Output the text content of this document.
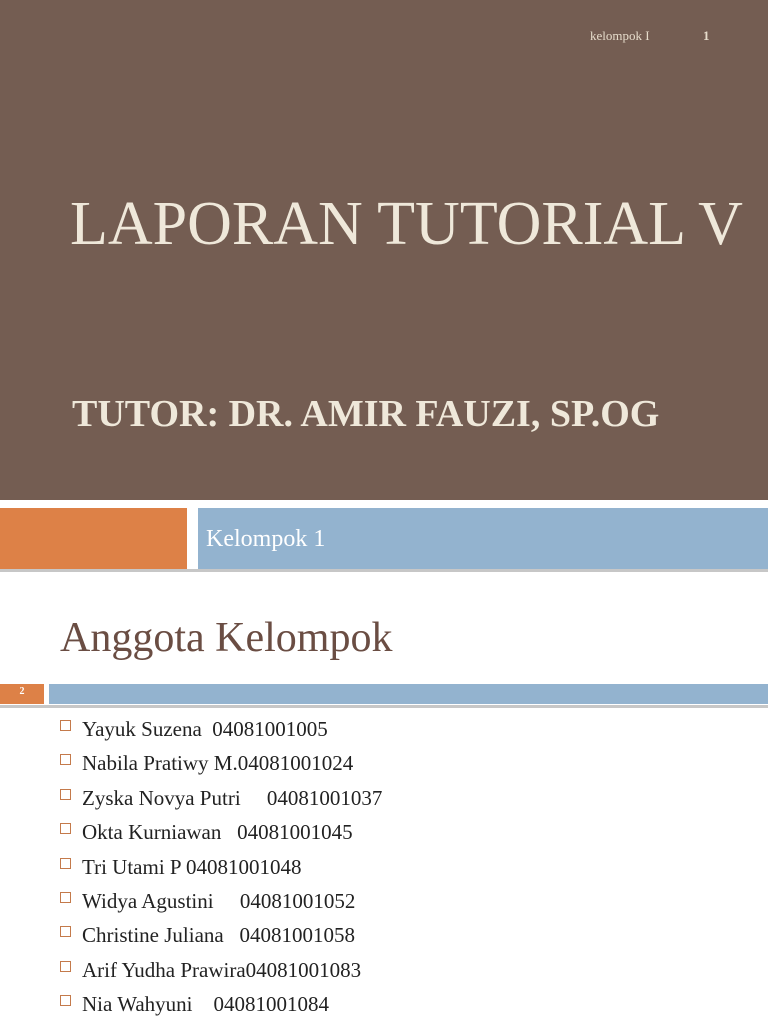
kelompok I	1
LAPORAN TUTORIAL V
TUTOR: DR. AMIR FAUZI, SP.OG
Kelompok 1
Anggota Kelompok
2
Yayuk Suzena  04081001005
Nabila Pratiwy M.04081001024
Zyska Novya Putri     04081001037
Okta Kurniawan   04081001045
Tri Utami P 04081001048
Widya Agustini     04081001052
Christine Juliana   04081001058
Arif Yudha Prawira04081001083
Nia Wahyuni    04081001084
